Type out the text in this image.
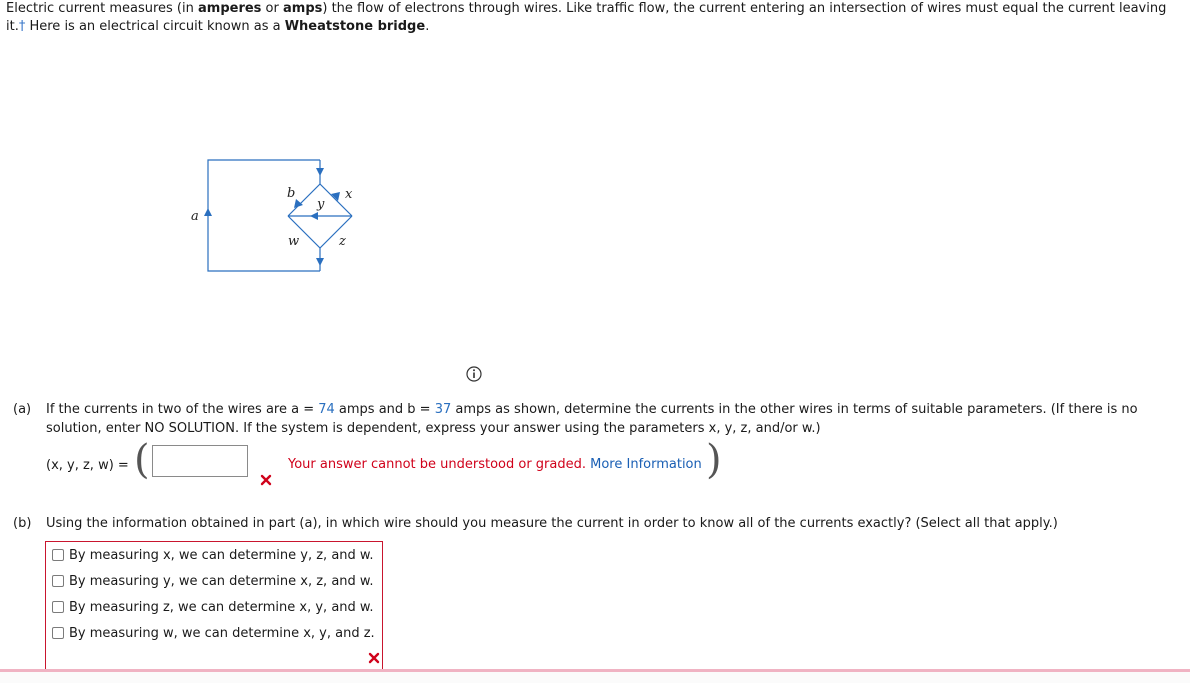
Electric current measures (in amperes or amps) the flow of electrons through wires. Like traffic flow, the current entering an intersection of wires must equal the current leaving it.† Here is an electrical circuit known as a Wheatstone bridge.
a
b
y
x
w	z
(a) If the currents in two of the wires are a = 74 amps and b = 37 amps as shown, determine the currents in the other wires in terms of suitable parameters. (If there is no solution, enter NO SOLUTION. If the system is dependent, express your answer using the parameters x, y, z, and/or w.)
(x, y, z, w) = (	Your answer cannot be understood or graded. More Information )
(b) Using the information obtained in part (a), in which wire should you measure the current in order to know all of the currents exactly? (Select all that apply.)
By measuring x, we can determine y, z, and w.
By measuring y, we can determine x, z, and w.
By measuring z, we can determine x, y, and w.
By measuring w, we can determine x, y, and z.
